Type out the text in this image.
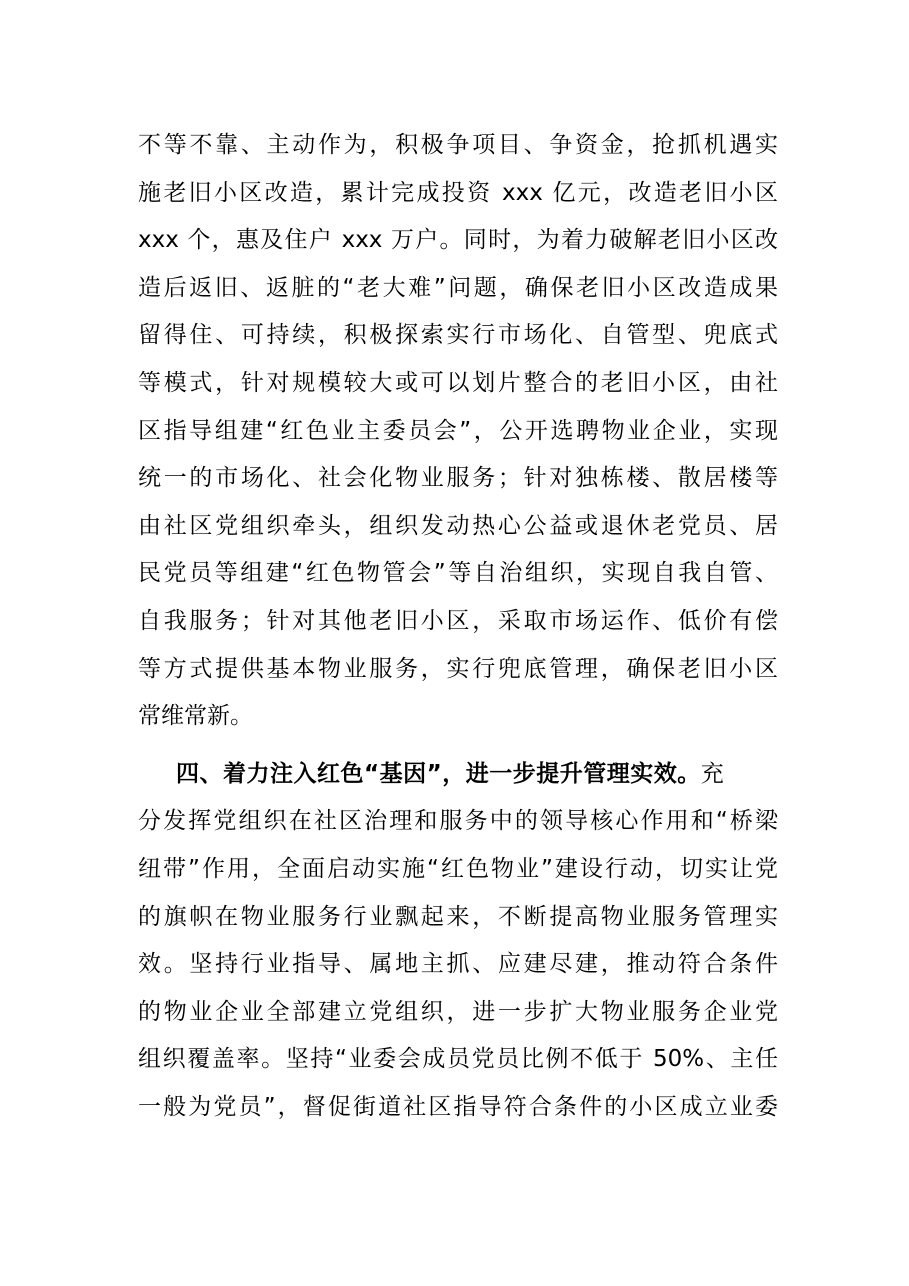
不等不靠、主动作为，积极争项目、争资金，抢抓机遇实
施老旧小区改造，累计完成投资 xxx 亿元，改造老旧小区
xxx 个，惠及住户 xxx 万户。同时，为着力破解老旧小区改
造后返旧、返脏的“老大难”问题，确保老旧小区改造成果
留得住、可持续，积极探索实行市场化、自管型、兜底式
等模式，针对规模较大或可以划片整合的老旧小区，由社
区指导组建“红色业主委员会”，公开选聘物业企业，实现
统一的市场化、社会化物业服务；针对独栋楼、散居楼等
由社区党组织牵头，组织发动热心公益或退休老党员、居
民党员等组建“红色物管会”等自治组织，实现自我自管、
自我服务；针对其他老旧小区，采取市场运作、低价有偿
等方式提供基本物业服务，实行兜底管理，确保老旧小区
常维常新。
四、着力注入红色“基因”，进一步提升管理实效。充
分发挥党组织在社区治理和服务中的领导核心作用和“桥梁
纽带”作用，全面启动实施“红色物业”建设行动，切实让党
的旗帜在物业服务行业飘起来，不断提高物业服务管理实
效。坚持行业指导、属地主抓、应建尽建，推动符合条件
的物业企业全部建立党组织，进一步扩大物业服务企业党
组织覆盖率。坚持“业委会成员党员比例不低于 50%、主任
一般为党员”，督促街道社区指导符合条件的小区成立业委
